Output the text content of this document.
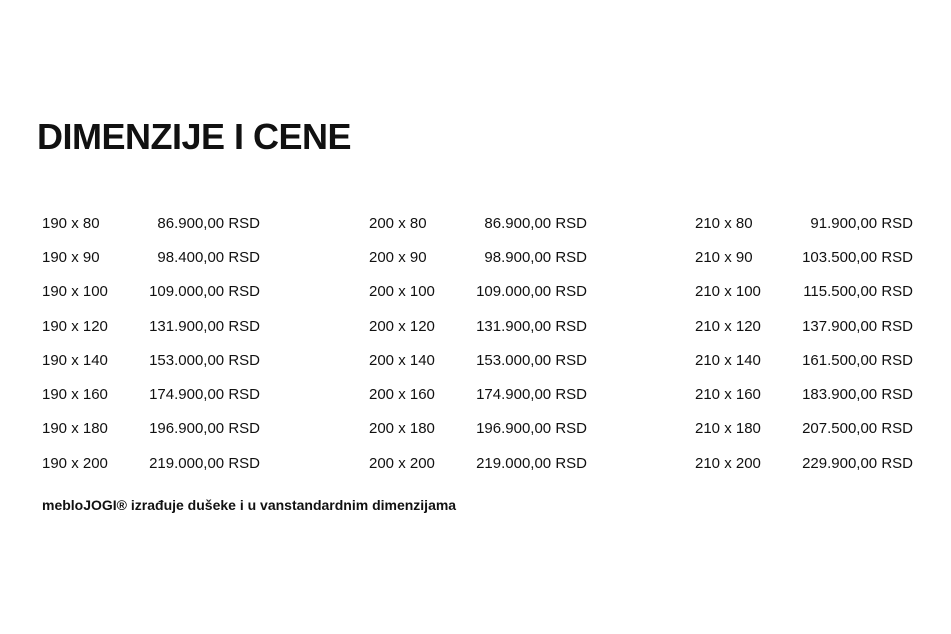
DIMENZIJE I CENE
190 x 80	86.900,00 RSD
190 x 90	98.400,00 RSD
190 x 100	109.000,00 RSD
190 x 120	131.900,00 RSD
190 x 140	153.000,00 RSD
190 x 160	174.900,00 RSD
190 x 180	196.900,00 RSD
190 x 200	219.000,00 RSD
200 x 80	86.900,00 RSD
200 x 90	98.900,00 RSD
200 x 100	109.000,00 RSD
200 x 120	131.900,00 RSD
200 x 140	153.000,00 RSD
200 x 160	174.900,00 RSD
200 x 180	196.900,00 RSD
200 x 200	219.000,00 RSD
210 x 80	91.900,00 RSD
210 x 90	103.500,00 RSD
210 x 100	115.500,00 RSD
210 x 120	137.900,00 RSD
210 x 140	161.500,00 RSD
210 x 160	183.900,00 RSD
210 x 180	207.500,00 RSD
210 x 200	229.900,00 RSD
mebloJOGI® izrađuje dušeke i u vanstandardnim dimenzijama
